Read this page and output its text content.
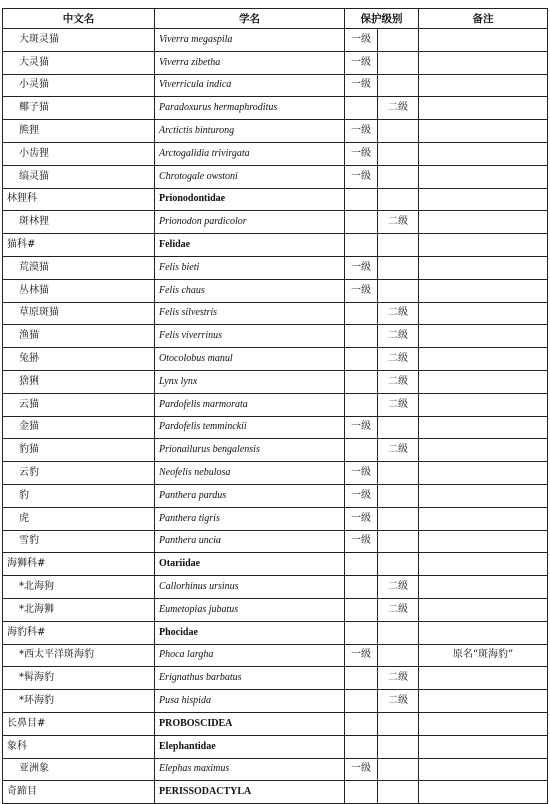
中文名	学名	保护级别		备注
大斑灵猫	Viverra megaspila	一级		
大灵猫	Viverra zibetha	一级		
小灵猫	Viverricula indica	一级		
椰子猫	Paradoxurus hermaphroditus		二级	
熊狸	Arctictis binturong	一级		
小齿狸	Arctogalidia trivirgata	一级		
缟灵猫	Chrotogale owstoni	一级		
林狸科	Prionodontidae			
斑林狸	Prionodon pardicolor		二级	
猫科#	Felidae			
荒漠猫	Felis bieti	一级		
丛林猫	Felis chaus	一级		
草原斑猫	Felis silvestris		二级	
渔猫	Felis viverrinus		二级	
兔狲	Otocolobus manul		二级	
猞猁	Lynx lynx		二级	
云猫	Pardofelis marmorata		二级	
金猫	Pardofelis temminckii	一级		
豹猫	Prionailurus bengalensis		二级	
云豹	Neofelis nebulosa	一级		
豹	Panthera pardus	一级		
虎	Panthera tigris	一级		
雪豹	Panthera uncia	一级		
海狮科#	Otariidae			
*北海狗	Callorhinus ursinus		二级	
*北海狮	Eumetopias jubatus		二级	
海豹科#	Phocidae			
*西太平洋斑海豹	Phoca largha	一级		原名“斑海豹”
*髯海豹	Erignathus barbatus		二级	
*环海豹	Pusa hispida		二级	
长鼻目#	PROBOSCIDEA			
象科	Elephantidae			
亚洲象	Elephas maximus	一级		
奇蹄目	PERISSODACTYLA			
